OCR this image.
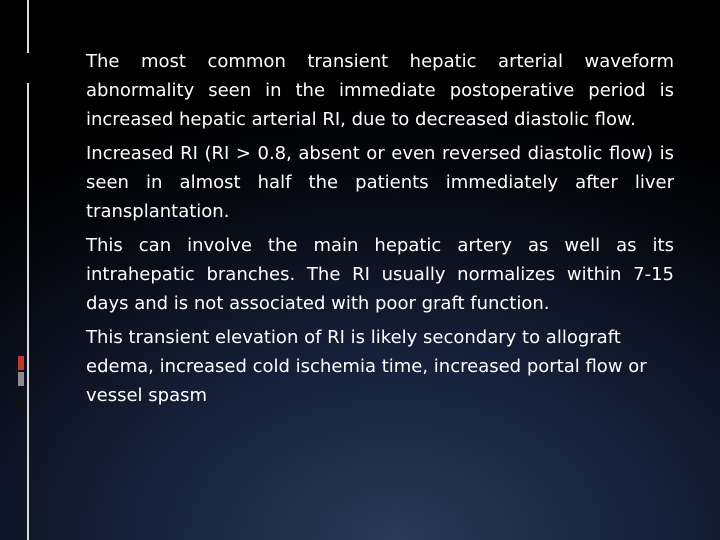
The most common transient hepatic arterial waveform abnormality seen in the immediate postoperative period is increased hepatic arterial RI, due to decreased diastolic flow.

Increased RI (RI > 0.8, absent or even reversed diastolic flow) is seen in almost half the patients immediately after liver transplantation.

This can involve the main hepatic artery as well as its intrahepatic branches. The RI usually normalizes within 7-15 days and is not associated with poor graft function.

This transient elevation of RI is likely secondary to allograft edema, increased cold ischemia time, increased portal flow or vessel spasm
